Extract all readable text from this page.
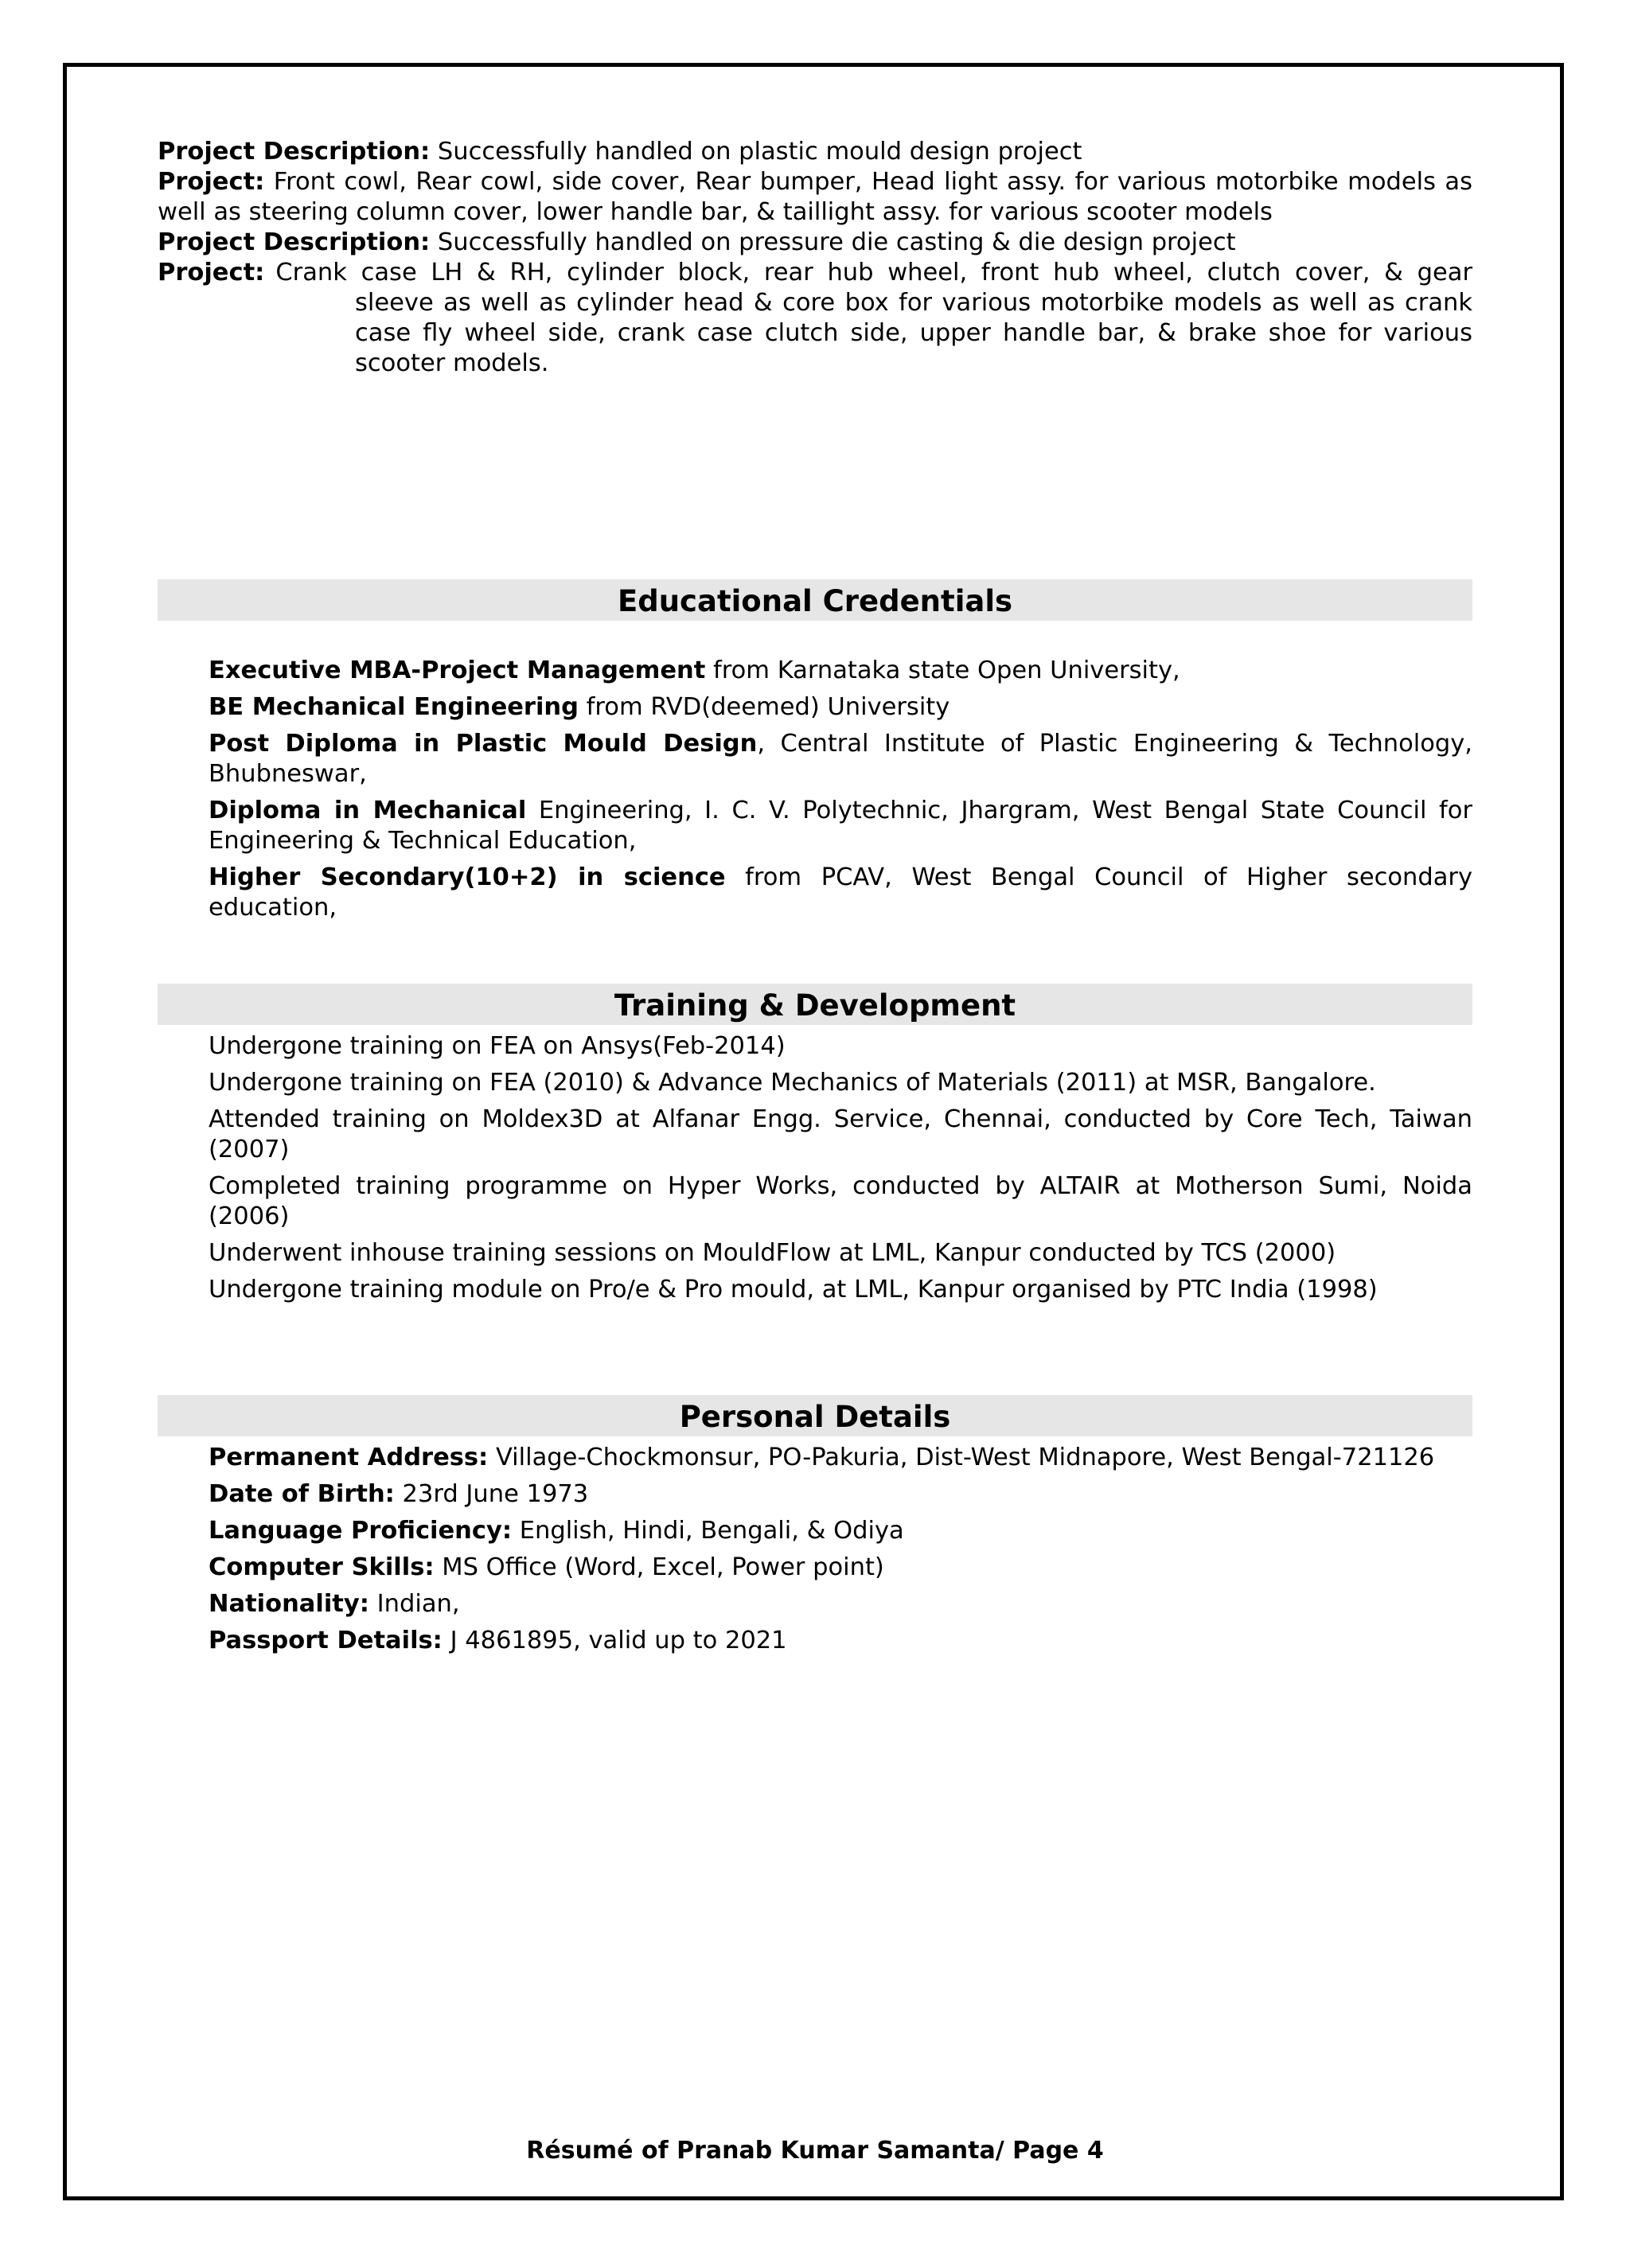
Project Description: Successfully handled on plastic mould design project

Project: Front cowl, Rear cowl, side cover, Rear bumper, Head light assy. for various motorbike models as well as steering column cover, lower handle bar, & taillight assy. for various scooter models

Project Description: Successfully handled on pressure die casting & die design project

Project: Crank case LH & RH, cylinder block, rear hub wheel, front hub wheel, clutch cover, & gear
sleeve as well as cylinder head & core box for various motorbike models as well as crank case fly wheel side, crank case clutch side, upper handle bar, & brake shoe for various scooter models.
Educational Credentials
Executive MBA-Project Management from Karnataka state Open University,
BE Mechanical Engineering from RVD(deemed) University
Post Diploma in Plastic Mould Design, Central Institute of Plastic Engineering & Technology, Bhubneswar,
Diploma in Mechanical Engineering, I. C. V. Polytechnic, Jhargram, West Bengal State Council for Engineering & Technical Education,
Higher Secondary(10+2) in science from PCAV, West Bengal Council of Higher secondary education,
Training & Development
Undergone training on FEA on Ansys(Feb-2014)
Undergone training on FEA (2010) & Advance Mechanics of Materials (2011) at MSR, Bangalore.
Attended training on Moldex3D at Alfanar Engg. Service, Chennai, conducted by Core Tech, Taiwan (2007)
Completed training programme on Hyper Works, conducted by ALTAIR at Motherson Sumi, Noida (2006)
Underwent inhouse training sessions on MouldFlow at LML, Kanpur conducted by TCS (2000)
Undergone training module on Pro/e & Pro mould, at LML, Kanpur organised by PTC India (1998)
Personal Details
Permanent Address: Village-Chockmonsur, PO-Pakuria, Dist-West Midnapore, West Bengal-721126
Date of Birth: 23rd June 1973
Language Proficiency: English, Hindi, Bengali, & Odiya
Computer Skills: MS Office (Word, Excel, Power point)
Nationality: Indian,
Passport Details: J 4861895, valid up to 2021
Résumé of Pranab Kumar Samanta/ Page 4
